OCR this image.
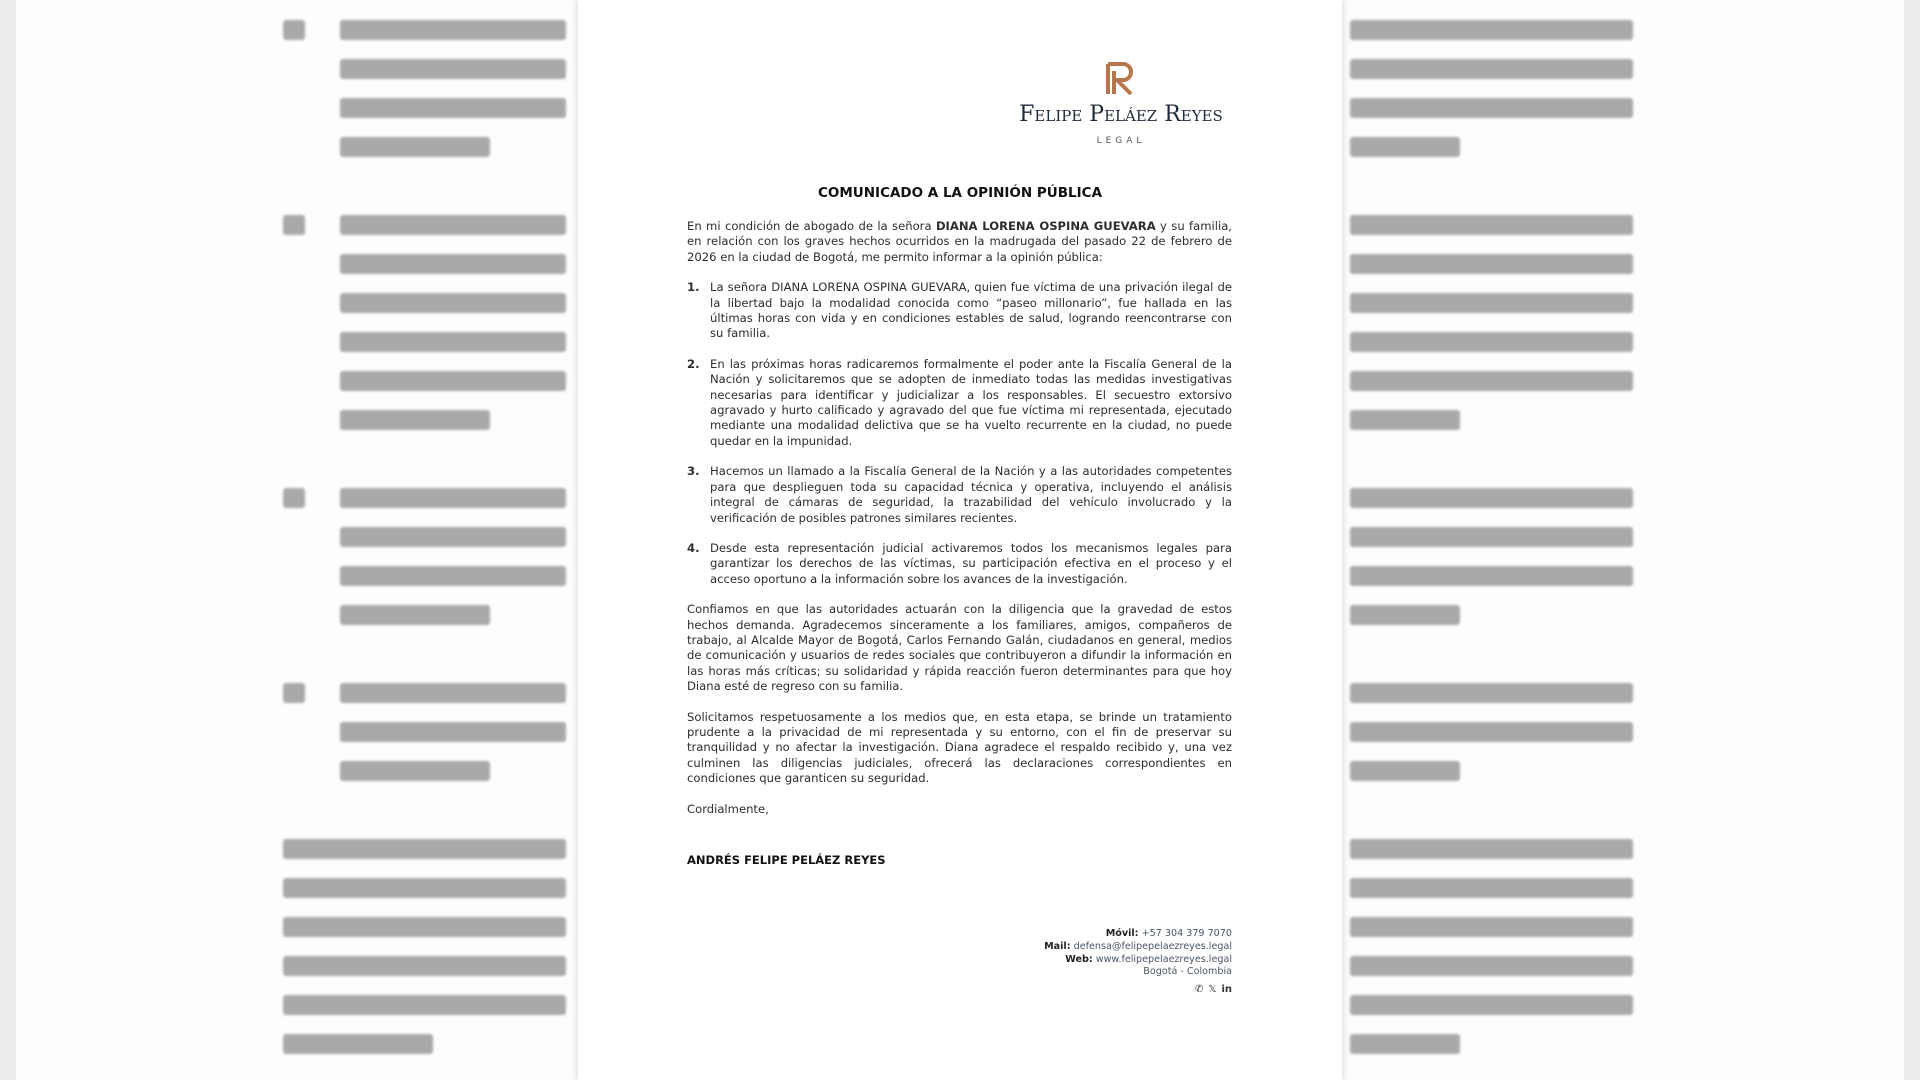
Felipe Peláez Reyes
LEGAL
COMUNICADO A LA OPINIÓN PÚBLICA

En mi condición de abogado de la señora DIANA LORENA OSPINA GUEVARA y su familia, en relación con los graves hechos ocurridos en la madrugada del pasado 22 de febrero de 2026 en la ciudad de Bogotá, me permito informar a la opinión pública:

1. La señora DIANA LORENA OSPINA GUEVARA, quien fue víctima de una privación ilegal de la libertad bajo la modalidad conocida como “paseo millonario”, fue hallada en las últimas horas con vida y en condiciones estables de salud, logrando reencontrarse con su familia.
2. En las próximas horas radicaremos formalmente el poder ante la Fiscalía General de la Nación y solicitaremos que se adopten de inmediato todas las medidas investigativas necesarias para identificar y judicializar a los responsables. El secuestro extorsivo agravado y hurto calificado y agravado del que fue víctima mi representada, ejecutado mediante una modalidad delictiva que se ha vuelto recurrente en la ciudad, no puede quedar en la impunidad.
3. Hacemos un llamado a la Fiscalía General de la Nación y a las autoridades competentes para que desplieguen toda su capacidad técnica y operativa, incluyendo el análisis integral de cámaras de seguridad, la trazabilidad del vehículo involucrado y la verificación de posibles patrones similares recientes.
4. Desde esta representación judicial activaremos todos los mecanismos legales para garantizar los derechos de las víctimas, su participación efectiva en el proceso y el acceso oportuno a la información sobre los avances de la investigación.

Confiamos en que las autoridades actuarán con la diligencia que la gravedad de estos hechos demanda. Agradecemos sinceramente a los familiares, amigos, compañeros de trabajo, al Alcalde Mayor de Bogotá, Carlos Fernando Galán, ciudadanos en general, medios de comunicación y usuarios de redes sociales que contribuyeron a difundir la información en las horas más críticas; su solidaridad y rápida reacción fueron determinantes para que hoy Diana esté de regreso con su familia.

Solicitamos respetuosamente a los medios que, en esta etapa, se brinde un tratamiento prudente a la privacidad de mi representada y su entorno, con el fin de preservar su tranquilidad y no afectar la investigación. Diana agradece el respaldo recibido y, una vez culminen las diligencias judiciales, ofrecerá las declaraciones correspondientes en condiciones que garanticen su seguridad.

Cordialmente,

ANDRÉS FELIPE PELÁEZ REYES
Móvil: +57 304 379 7070
Mail: defensa@felipepelaezreyes.legal
Web: www.felipepelaezreyes.legal
Bogotá - Colombia
✆ 𝕏 in
